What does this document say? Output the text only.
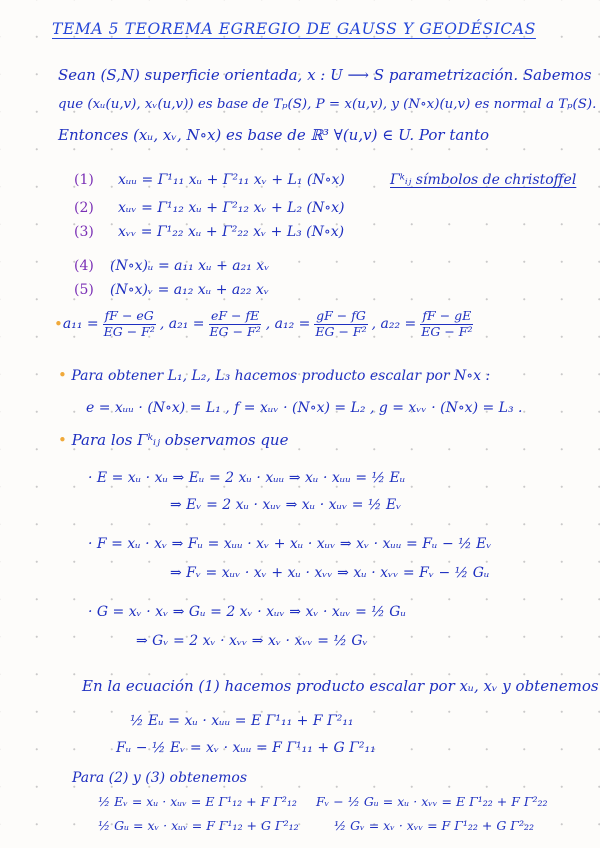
TEMA 5 TEOREMA EGREGIO DE GAUSS Y GEODÉSICAS
Sean (S,N) superficie orientada, x : U ⟶ S parametrización. Sabemos
que (xᵤ(u,v), xᵥ(u,v)) es base de Tₚ(S), P = x(u,v), y (N∘x)(u,v) es normal a Tₚ(S).
Entonces (xᵤ, xᵥ, N∘x) es base de ℝ³ ∀(u,v) ∈ U. Por tanto
(1) xᵤᵤ = Γ¹₁₁ xᵤ + Γ²₁₁ xᵥ + L₁ (N∘x)
(2) xᵤᵥ = Γ¹₁₂ xᵤ + Γ²₁₂ xᵥ + L₂ (N∘x)
(3) xᵥᵥ = Γ¹₂₂ xᵤ + Γ²₂₂ xᵥ + L₃ (N∘x)
Γᵏᵢⱼ símbolos de christoffel
(4) (N∘x)ᵤ = a₁₁ xᵤ + a₂₁ xᵥ
(5) (N∘x)ᵥ = a₁₂ xᵤ + a₂₂ xᵥ
• $a_{11} = \frac{fF - eG}{\text{EG − F²}}$ , $a_{21} = \frac{eF - fE}{\text{EG − F²}}$ , $a_{12} = \frac{gF - fG}{\text{EG − F²}}$ , $a_{22} = \frac{fF - gE}{\text{EG − F²}}$
• Para obtener L₁, L₂, L₃ hacemos producto escalar por N∘x :
e = xᵤᵤ · (N∘x) = L₁ , f = xᵤᵥ · (N∘x) = L₂ , g = xᵥᵥ · (N∘x) = L₃ .
• Para los Γᵏᵢⱼ observamos que
· E = xᵤ · xᵤ ⇒ Eᵤ = 2 xᵤ · xᵤᵤ ⇒ xᵤ · xᵤᵤ = ½ Eᵤ
⇒ Eᵥ = 2 xᵤ · xᵤᵥ ⇒ xᵤ · xᵤᵥ = ½ Eᵥ
· F = xᵤ · xᵥ ⇒ Fᵤ = xᵤᵤ · xᵥ + xᵤ · xᵤᵥ ⇒ xᵥ · xᵤᵤ = Fᵤ − ½ Eᵥ
⇒ Fᵥ = xᵤᵥ · xᵥ + xᵤ · xᵥᵥ ⇒ xᵤ · xᵥᵥ = Fᵥ − ½ Gᵤ
· G = xᵥ · xᵥ ⇒ Gᵤ = 2 xᵥ · xᵤᵥ ⇒ xᵥ · xᵤᵥ = ½ Gᵤ
⇒ Gᵥ = 2 xᵥ · xᵥᵥ ⇒ xᵥ · xᵥᵥ = ½ Gᵥ
En la ecuación (1) hacemos producto escalar por xᵤ, xᵥ y obtenemos
½ Eᵤ = xᵤ · xᵤᵤ = E Γ¹₁₁ + F Γ²₁₁
Fᵤ − ½ Eᵥ = xᵥ · xᵤᵤ = F Γ¹₁₁ + G Γ²₁₁
Para (2) y (3) obtenemos
½ Eᵥ = xᵤ · xᵤᵥ = E Γ¹₁₂ + F Γ²₁₂
½ Gᵤ = xᵥ · xᵤᵥ = F Γ¹₁₂ + G Γ²₁₂
Fᵥ − ½ Gᵤ = xᵤ · xᵥᵥ = E Γ¹₂₂ + F Γ²₂₂
½ Gᵥ = xᵥ · xᵥᵥ = F Γ¹₂₂ + G Γ²₂₂
